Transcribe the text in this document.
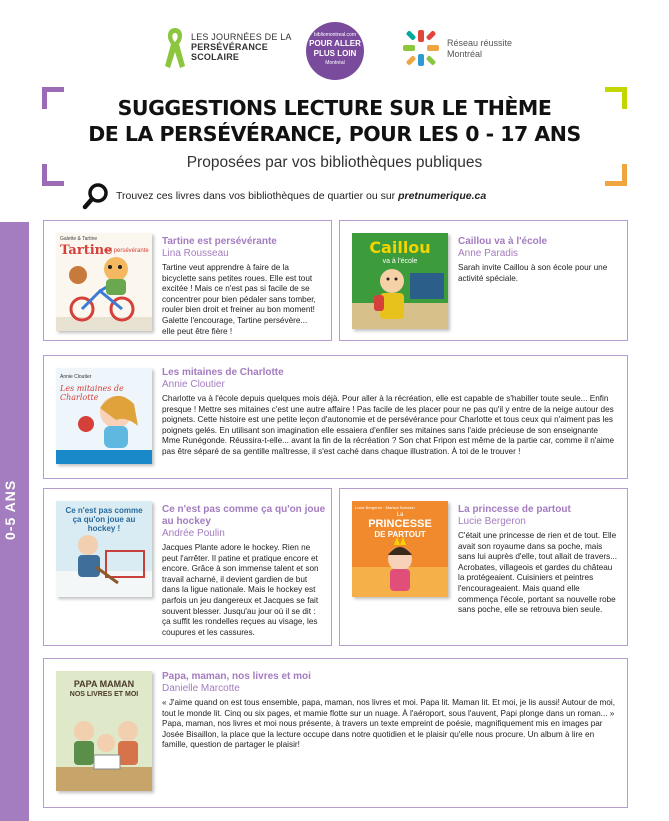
LES JOURNÉES DE LA
PERSÉVÉRANCE
SCOLAIRE
bibliomontreal.com
POUR ALLER
PLUS LOIN
Montréal
Réseau réussite
Montréal
SUGGESTIONS LECTURE SUR LE THÈME
DE LA PERSÉVÉRANCE, POUR LES 0 - 17 ANS
Proposées par vos bibliothèques publiques
Trouvez ces livres dans vos bibliothèques de quartier ou sur pretnumerique.ca
0-5 ANS
Galette & Tartine
Tartine
est persévérante
Tartine est persévérante
Lina Rousseau
Tartine veut apprendre à faire de la bicyclette sans petites roues. Elle est tout excitée ! Mais ce n'est pas si facile de se concentrer pour bien pédaler sans tomber, rouler bien droit et freiner au bon moment! Galette l'encourage, Tartine persévère... elle peut être fière !
Caillou
va à l'école
Caillou va à l'école
Anne Paradis
Sarah invite Caillou à son école pour une activité spéciale.
Annie Cloutier
Les mitaines de Charlotte
Les mitaines de Charlotte
Annie Cloutier
Charlotte va à l'école depuis quelques mois déjà. Pour aller à la récréation, elle est capable de s'habiller toute seule... Enfin presque ! Mettre ses mitaines c'est une autre affaire ! Pas facile de les placer pour ne pas qu'il y entre de la neige autour des poignets. Cette histoire est une petite leçon d'autonomie et de persévérance pour Charlotte et tous ceux qui n'aiment pas les poignets gelés. En utilisant son imagination elle essaiera d'enfiler ses mitaines sans l'aide précieuse de son enseignante Mme Runégonde. Réussira-t-elle... avant la fin de la récréation ? Son chat Fripon est même de la partie car, comme il n'aime pas être séparé de sa gentille maîtresse, il s'est caché dans chaque illustration. À toi de le trouver !
Ce n'est pas comme ça qu'on joue au hockey !
Ce n'est pas comme ça qu'on joue au hockey
Andrée Poulin
Jacques Plante adore le hockey. Rien ne peut l'arrêter. Il patine et pratique encore et encore. Grâce à son immense talent et son travail acharné, il devient gardien de but dans la ligue nationale. Mais le hockey est parfois un jeu dangereux et Jacques se fait souvent blesser. Jusqu'au jour où il se dit : ça suffit les rondelles reçues au visage, les coupures et les cassures.
Lucie Bergeron · Marisol Sarrazin
La
PRINCESSE
DE PARTOUT
La princesse de partout
Lucie Bergeron
C'était une princesse de rien et de tout. Elle avait son royaume dans sa poche, mais sans lui auprès d'elle, tout allait de travers... Acrobates, villageois et gardes du château la protégeaient. Cuisiniers et peintres l'encourageaient. Mais quand elle commença l'école, portant sa nouvelle robe sans poche, elle se retrouva bien seule.
PAPA MAMAN
NOS LIVRES ET MOI
Papa, maman, nos livres et moi
Danielle Marcotte
« J'aime quand on est tous ensemble, papa, maman, nos livres et moi. Papa lit. Maman lit. Et moi, je lis aussi! Autour de moi, tout le monde lit. Cinq ou six pages, et mamie flotte sur un nuage. À l'aéroport, sous l'auvent, Papi plonge dans un roman... » Papa, maman, nos livres et moi nous présente, à travers un texte empreint de poésie, magnifiquement mis en images par Josée Bisaillon, la place que la lecture occupe dans notre quotidien et le plaisir qu'elle nous procure. Un album à lire en famille, question de partager le plaisir!
